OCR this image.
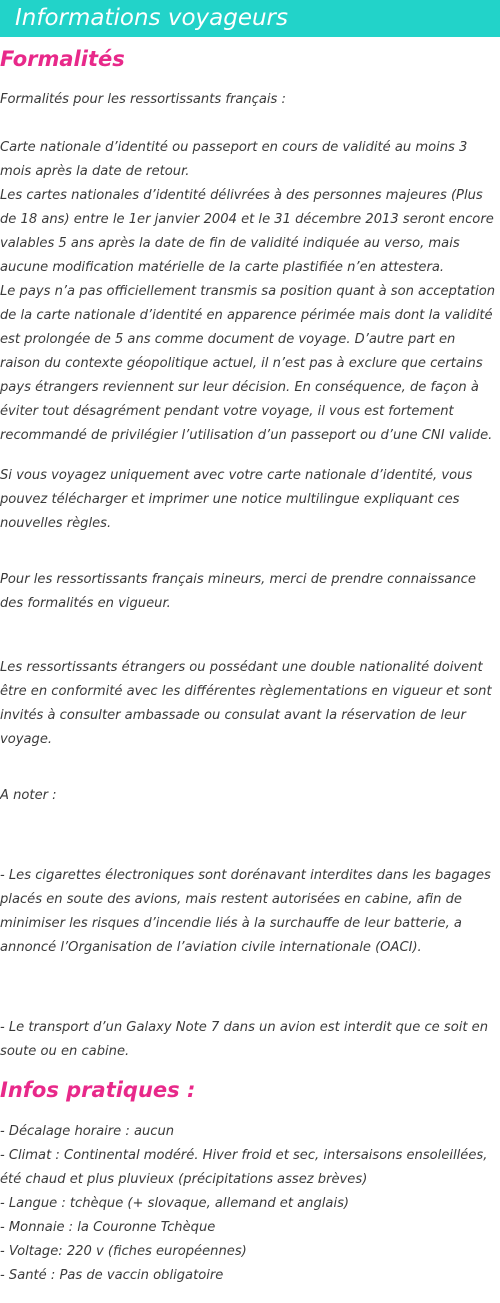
Informations voyageurs
Formalités

Formalités pour les ressortissants français :

Carte nationale d’identité ou passeport en cours de validité au moins 3 mois après la date de retour.
Les cartes nationales d’identité délivrées à des personnes majeures (Plus de 18 ans) entre le 1er janvier 2004 et le 31 décembre 2013 seront encore valables 5 ans après la date de fin de validité indiquée au verso, mais aucune modification matérielle de la carte plastifiée n’en attestera.
Le pays n’a pas officiellement transmis sa position quant à son acceptation de la carte nationale d’identité en apparence périmée mais dont la validité est prolongée de 5 ans comme document de voyage. D’autre part en raison du contexte géopolitique actuel, il n’est pas à exclure que certains pays étrangers reviennent sur leur décision. En conséquence, de façon à éviter tout désagrément pendant votre voyage, il vous est fortement recommandé de privilégier l’utilisation d’un passeport ou d’une CNI valide.

Si vous voyagez uniquement avec votre carte nationale d’identité, vous pouvez télécharger et imprimer une notice multilingue expliquant ces nouvelles règles.

Pour les ressortissants français mineurs, merci de prendre connaissance des formalités en vigueur.

Les ressortissants étrangers ou possédant une double nationalité doivent être en conformité avec les différentes règlementations en vigueur et sont invités à consulter ambassade ou consulat avant la réservation de leur voyage.

A noter :

- Les cigarettes électroniques sont dorénavant interdites dans les bagages placés en soute des avions, mais restent autorisées en cabine, afin de minimiser les risques d’incendie liés à la surchauffe de leur batterie, a annoncé l’Organisation de l’aviation civile internationale (OACI).

- Le transport d’un Galaxy Note 7 dans un avion est interdit que ce soit en soute ou en cabine.

Infos pratiques :
- Décalage horaire : aucun
- Climat : Continental modéré. Hiver froid et sec, intersaisons ensoleillées, été chaud et plus pluvieux (précipitations assez brèves)
- Langue : tchèque (+ slovaque, allemand et anglais)
- Monnaie : la Couronne Tchèque
- Voltage: 220 v (fiches européennes)
- Santé : Pas de vaccin obligatoire
